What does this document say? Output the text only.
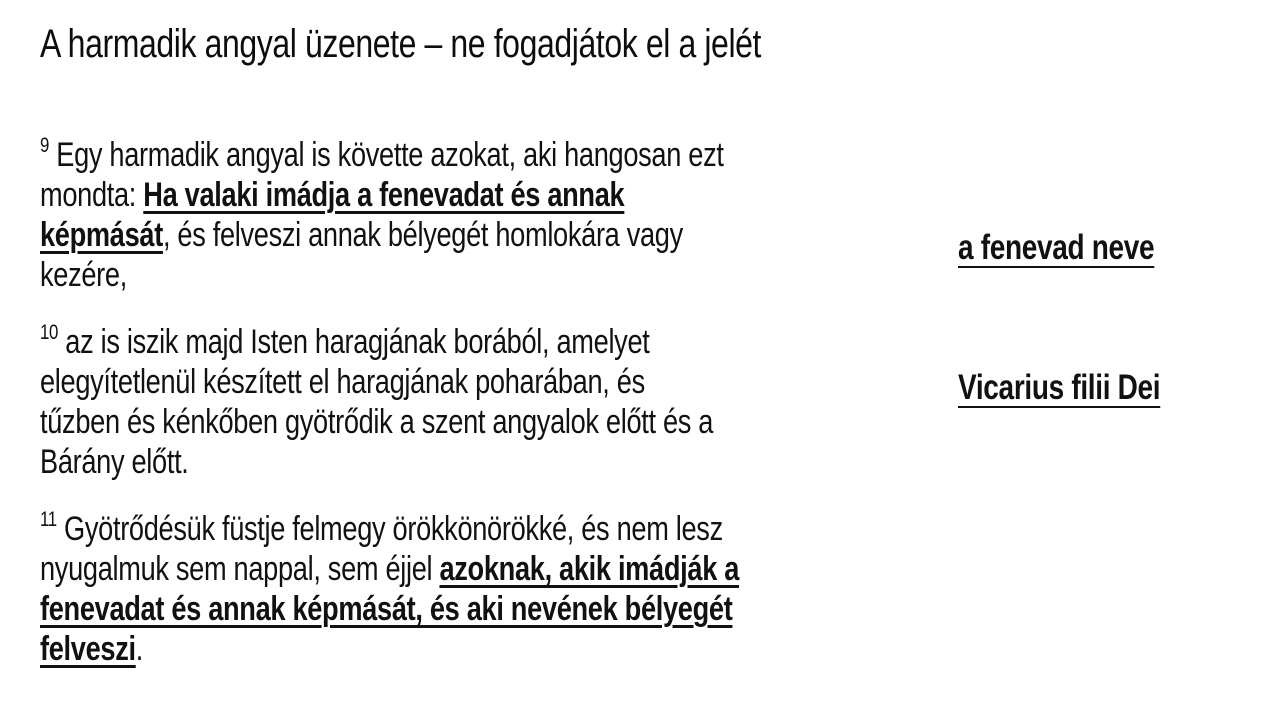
A harmadik angyal üzenete – ne fogadjátok el a jelét
$^9$ Egy harmadik angyal is követte azokat, aki hangosan ezt
mondta: Ha valaki imádja a fenevadat és annak
képmását, és felveszi annak bélyegét homlokára vagy
kezére,
$^{10}$ az is iszik majd Isten haragjának borából, amelyet
elegyítetlenül készített el haragjának poharában, és
tűzben és kénkőben gyötrődik a szent angyalok előtt és a
Bárány előtt.
$^{11}$ Gyötrődésük füstje felmegy örökkönörökké, és nem lesz
nyugalmuk sem nappal, sem éjjel azoknak, akik imádják a
fenevadat és annak képmását, és aki nevének bélyegét
felveszi.

a fenevad neve

Vicarius filii Dei
